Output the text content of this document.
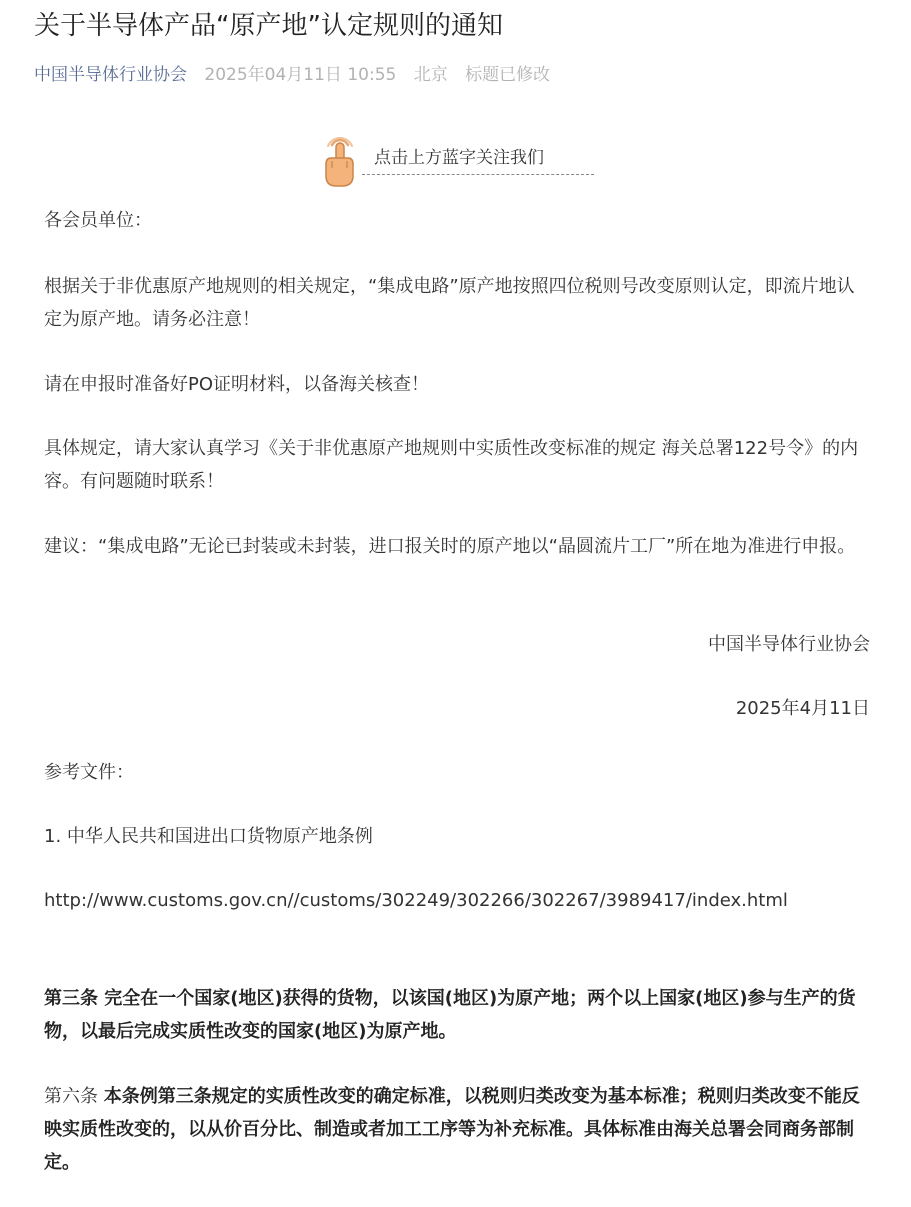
关于半导体产品“原产地”认定规则的通知
中国半导体行业协会 2025年04月11日 10:55 北京 标题已修改
点击上方蓝字关注我们

各会员单位：

根据关于非优惠原产地规则的相关规定，“集成电路”原产地按照四位税则号改变原则认定，即流片地认定为原产地。请务必注意！

请在申报时准备好PO证明材料，以备海关核查！

具体规定，请大家认真学习《关于非优惠原产地规则中实质性改变标准的规定 海关总署122号令》的内容。有问题随时联系！

建议：“集成电路”无论已封装或未封装，进口报关时的原产地以“晶圆流片工厂”所在地为准进行申报。

中国半导体行业协会

2025年4月11日

参考文件：

1. 中华人民共和国进出口货物原产地条例

http://www.customs.gov.cn//customs/302249/302266/302267/3989417/index.html

第三条 完全在一个国家(地区)获得的货物，以该国(地区)为原产地；两个以上国家(地区)参与生产的货物，以最后完成实质性改变的国家(地区)为原产地。

第六条 本条例第三条规定的实质性改变的确定标准，以税则归类改变为基本标准；税则归类改变不能反映实质性改变的，以从价百分比、制造或者加工工序等为补充标准。具体标准由海关总署会同商务部制定。
